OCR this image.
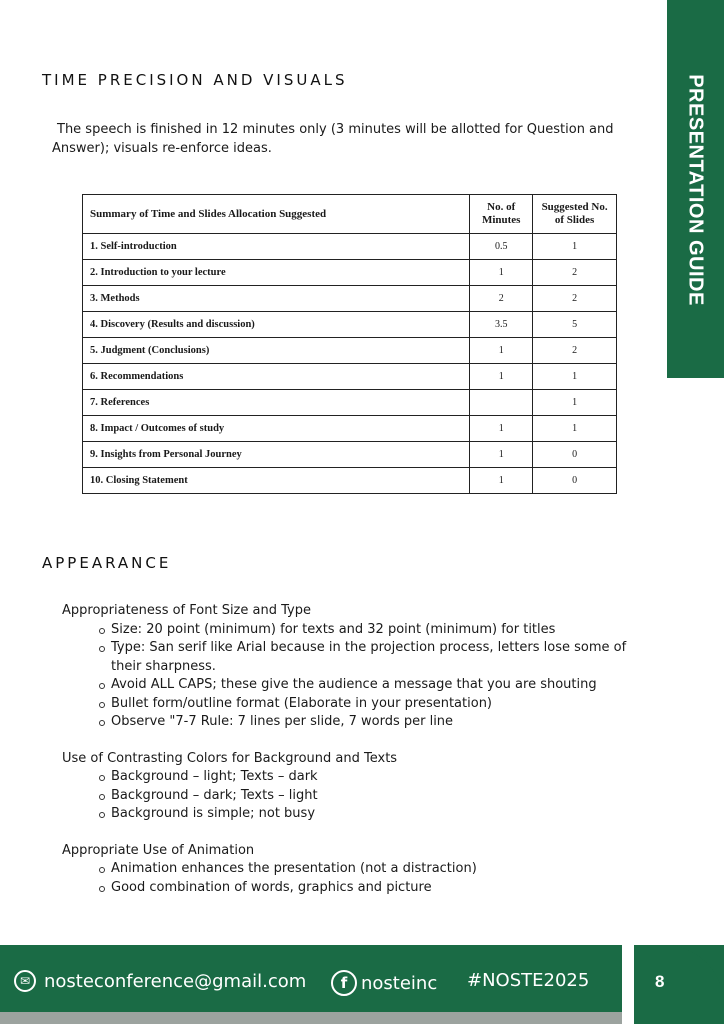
PRESENTATION GUIDE
TIME PRECISION AND VISUALS

The speech is finished in 12 minutes only (3 minutes will be allotted for Question and Answer); visuals re-enforce ideas.

Summary of Time and Slides Allocation Suggested	No. of Minutes	Suggested No. of Slides
1. Self-introduction	0.5	1
2. Introduction to your lecture	1	2
3. Methods	2	2
4. Discovery (Results and discussion)	3.5	5
5. Judgment (Conclusions)	1	2
6. Recommendations	1	1
7. References		1
8. Impact / Outcomes of study	1	1
9. Insights from Personal Journey	1	0
10. Closing Statement	1	0
APPEARANCE

Appropriateness of Font Size and Type

Size: 20 point (minimum) for texts and 32 point (minimum) for titles
Type: San serif like Arial because in the projection process, letters lose some of their sharpness.
Avoid ALL CAPS; these give the audience a message that you are shouting
Bullet form/outline format (Elaborate in your presentation)
Observe "7-7 Rule: 7 lines per slide, 7 words per line

Use of Contrasting Colors for Background and Texts

Background – light; Texts – dark
Background – dark; Texts – light
Background is simple; not busy

Appropriate Use of Animation

Animation enhances the presentation (not a distraction)
Good combination of words, graphics and picture
8
✉ nosteconference@gmail.com	f nosteinc #NOSTE2025
